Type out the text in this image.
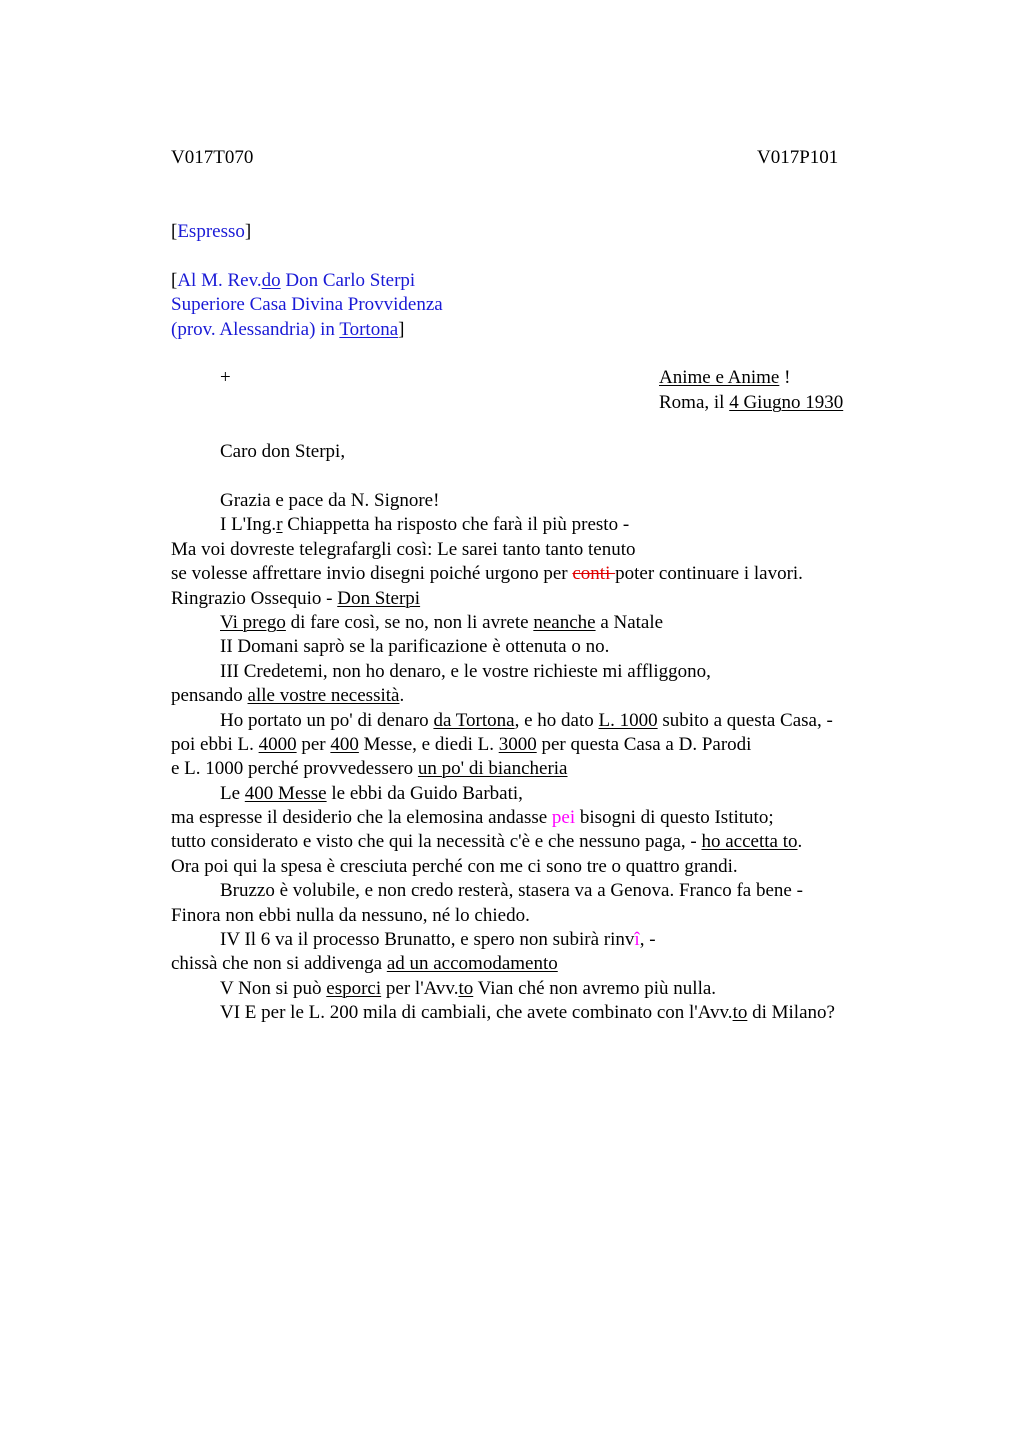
V017T070	V017P101
[Espresso]
[Al M. Rev.do Don Carlo Sterpi
Superiore Casa Divina Provvidenza
(prov. Alessandria) in Tortona]
+	Anime e Anime !
Roma, il 4 Giugno 1930
Caro don Sterpi,
Grazia e pace da N. Signore!
I L'Ing.r Chiappetta ha risposto che farà il più presto -
Ma voi dovreste telegrafargli così: Le sarei tanto tanto tenuto
se volesse affrettare invio disegni poiché urgono per conti poter continuare i lavori.
Ringrazio Ossequio - Don Sterpi
Vi prego di fare così, se no, non li avrete neanche a Natale
II Domani saprò se la parificazione è ottenuta o no.
III Credetemi, non ho denaro, e le vostre richieste mi affliggono,
pensando alle vostre necessità.
Ho portato un po' di denaro da Tortona, e ho dato L. 1000 subito a questa Casa, -
poi ebbi L. 4000 per 400 Messe, e diedi L. 3000 per questa Casa a D. Parodi
e L. 1000 perché provvedessero un po' di biancheria
Le 400 Messe le ebbi da Guido Barbati,
ma espresse il desiderio che la elemosina andasse pei bisogni di questo Istituto;
tutto considerato e visto che qui la necessità c'è e che nessuno paga, - ho accetta to.
Ora poi qui la spesa è cresciuta perché con me ci sono tre o quattro grandi.
Bruzzo è volubile, e non credo resterà, stasera va a Genova. Franco fa bene -
Finora non ebbi nulla da nessuno, né lo chiedo.
IV Il 6 va il processo Brunatto, e spero non subirà rinvî, -
chissà che non si addivenga ad un accomodamento
V Non si può esporci per l'Avv.to Vian ché non avremo più nulla.
VI E per le L. 200 mila di cambiali, che avete combinato con l'Avv.to di Milano?
